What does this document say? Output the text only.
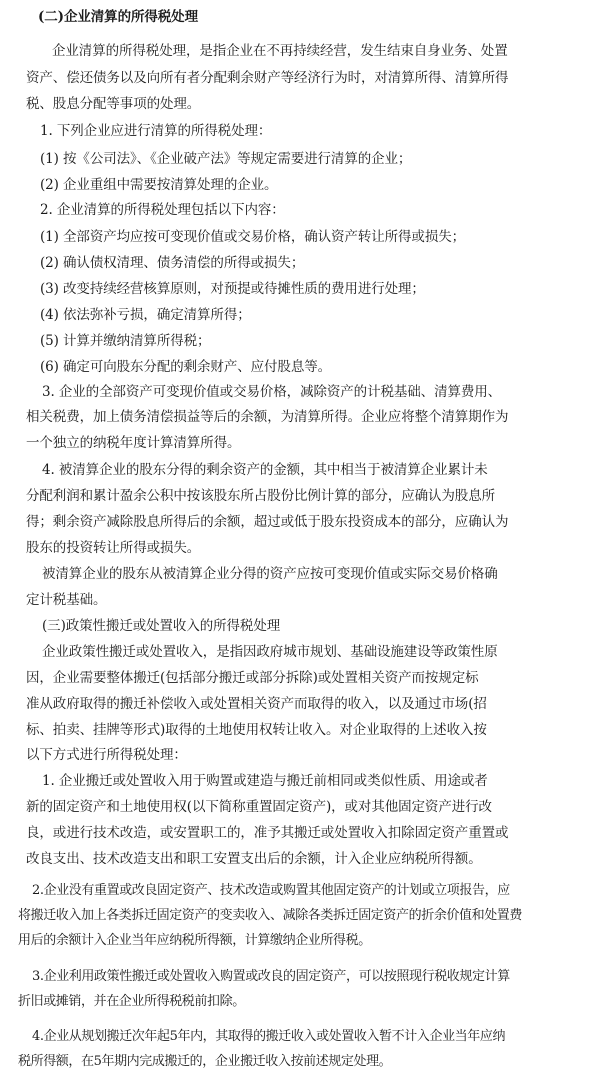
(二)企业清算的所得税处理
企业清算的所得税处理，是指企业在不再持续经营，发生结束自身业务、处置
资产、偿还债务以及向所有者分配剩余财产等经济行为时，对清算所得、清算所得
税、股息分配等事项的处理。
1. 下列企业应进行清算的所得税处理：
(1) 按《公司法》、《企业破产法》等规定需要进行清算的企业；
(2) 企业重组中需要按清算处理的企业。
2. 企业清算的所得税处理包括以下内容：
(1) 全部资产均应按可变现价值或交易价格，确认资产转让所得或损失；
(2) 确认债权清理、债务清偿的所得或损失；
(3) 改变持续经营核算原则，对预提或待摊性质的费用进行处理；
(4) 依法弥补亏损，确定清算所得；
(5) 计算并缴纳清算所得税；
(6) 确定可向股东分配的剩余财产、应付股息等。
3. 企业的全部资产可变现价值或交易价格，减除资产的计税基础、清算费用、
相关税费，加上债务清偿损益等后的余额，为清算所得。企业应将整个清算期作为
一个独立的纳税年度计算清算所得。
4. 被清算企业的股东分得的剩余资产的金额，其中相当于被清算企业累计未
分配利润和累计盈余公积中按该股东所占股份比例计算的部分，应确认为股息所
得；剩余资产减除股息所得后的余额，超过或低于股东投资成本的部分，应确认为
股东的投资转让所得或损失。
被清算企业的股东从被清算企业分得的资产应按可变现价值或实际交易价格确
定计税基础。
(三)政策性搬迁或处置收入的所得税处理
企业政策性搬迁或处置收入，是指因政府城市规划、基础设施建设等政策性原
因，企业需要整体搬迁(包括部分搬迁或部分拆除)或处置相关资产而按规定标
准从政府取得的搬迁补偿收入或处置相关资产而取得的收入，以及通过市场(招
标、拍卖、挂牌等形式)取得的土地使用权转让收入。对企业取得的上述收入按
以下方式进行所得税处理：
1. 企业搬迁或处置收入用于购置或建造与搬迁前相同或类似性质、用途或者
新的固定资产和土地使用权(以下简称重置固定资产)，或对其他固定资产进行改
良，或进行技术改造，或安置职工的，准予其搬迁或处置收入扣除固定资产重置或
改良支出、技术改造支出和职工安置支出后的余额，计入企业应纳税所得额。
2.企业没有重置或改良固定资产、技术改造或购置其他固定资产的计划或立项报告，应
将搬迁收入加上各类拆迁固定资产的变卖收入、减除各类拆迁固定资产的折余价值和处置费
用后的余额计入企业当年应纳税所得额，计算缴纳企业所得税。
3.企业利用政策性搬迁或处置收入购置或改良的固定资产，可以按照现行税收规定计算
折旧或摊销，并在企业所得税税前扣除。
4.企业从规划搬迁次年起5年内，其取得的搬迁收入或处置收入暂不计入企业当年应纳
税所得额，在5年期内完成搬迁的，企业搬迁收入按前述规定处理。
